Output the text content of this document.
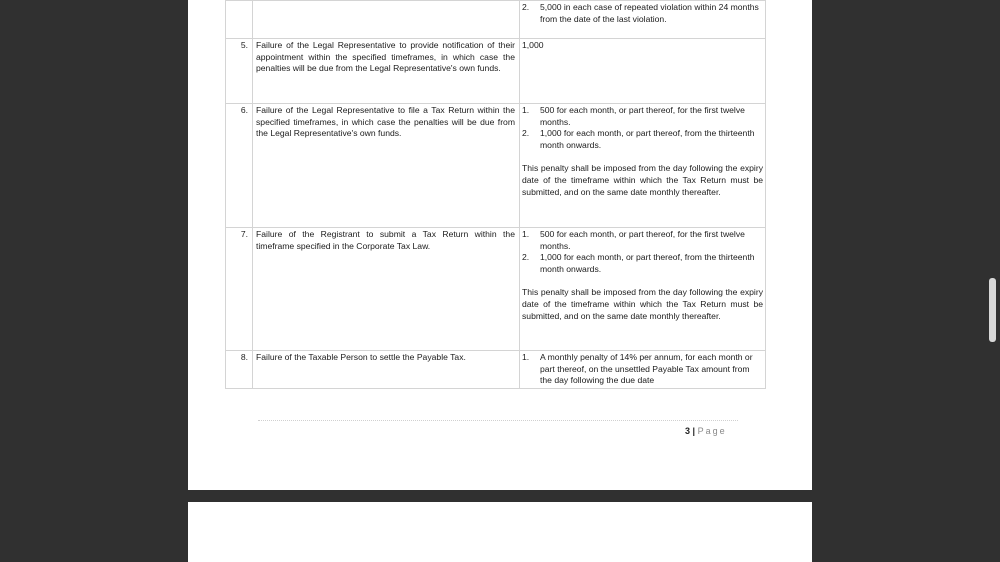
		2. 5,000 in each case of repeated violation within 24 months from the date of the last violation.

5.	Failure of the Legal Representative to provide notification of their appointment within the specified timeframes, in which case the penalties will be due from the Legal Representative's own funds.	1,000
6.	Failure of the Legal Representative to file a Tax Return within the specified timeframes, in which case the penalties will be due from the Legal Representative's own funds.	1. 500 for each month, or part thereof, for the first twelve months.
2. 1,000 for each month, or part thereof, from the thirteenth month onwards.
This penalty shall be imposed from the day following the expiry date of the timeframe within which the Tax Return must be submitted, and on the same date monthly thereafter.

7.	Failure of the Registrant to submit a Tax Return within the timeframe specified in the Corporate Tax Law.	1. 500 for each month, or part thereof, for the first twelve months.
2. 1,000 for each month, or part thereof, from the thirteenth month onwards.
This penalty shall be imposed from the day following the expiry date of the timeframe within which the Tax Return must be submitted, and on the same date monthly thereafter.

8.	Failure of the Taxable Person to settle the Payable Tax.	1. A monthly penalty of 14% per annum, for each month or part thereof, on the unsettled Payable Tax amount from the day following the due date
3 | Page
